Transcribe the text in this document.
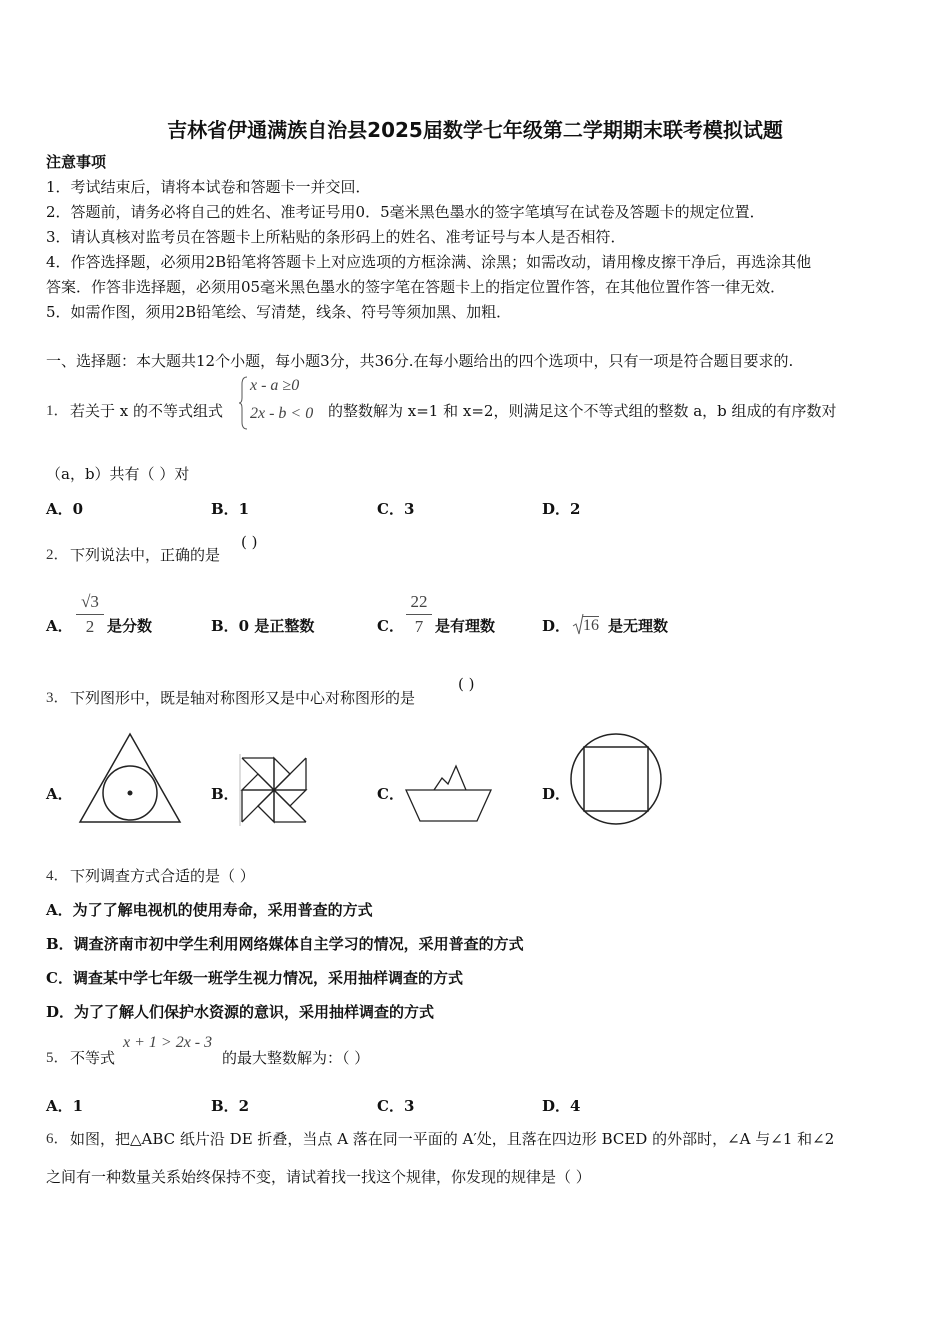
吉林省伊通满族自治县2025届数学七年级第二学期期末联考模拟试题
注意事项
1．考试结束后，请将本试卷和答题卡一并交回．
2．答题前，请务必将自己的姓名、准考证号用0．5毫米黑色墨水的签字笔填写在试卷及答题卡的规定位置．
3．请认真核对监考员在答题卡上所粘贴的条形码上的姓名、准考证号与本人是否相符．
4．作答选择题，必须用2B铅笔将答题卡上对应选项的方框涂满、涂黑；如需改动，请用橡皮擦干净后，再选涂其他
答案．作答非选择题，必须用05毫米黑色墨水的签字笔在答题卡上的指定位置作答，在其他位置作答一律无效．
5．如需作图，须用2B铅笔绘、写清楚，线条、符号等须加黑、加粗．
一、选择题：本大题共12个小题，每小题3分，共36分.在每小题给出的四个选项中，只有一项是符合题目要求的.
1． 若关于 x 的不等式组式
x - a ≥0
2x - b < 0 的整数解为 x=1 和 x=2，则满足这个不等式组的整数 a，b 组成的有序数对
（a，b）共有（ ）对
A．0	B．1	C．3	D．2
2． 下列说法中，正确的是
( )
A．
√3
2 是分数	B．0 是正整数	C．
22
7 是有理数	D． 16 是无理数
3． 下列图形中，既是轴对称图形又是中心对称图形的是
( )
A．	B．	C．	D．
4． 下列调查方式合适的是（ ）
A．为了了解电视机的使用寿命，采用普查的方式
B．调查济南市初中学生利用网络媒体自主学习的情况，采用普查的方式
C．调查某中学七年级一班学生视力情况，采用抽样调查的方式
D．为了了解人们保护水资源的意识，采用抽样调查的方式
5． 不等式
x + 1 > 2x - 3
的最大整数解为：（ ）
A．1	B．2	C．3	D．4
6． 如图，把△ABC 纸片沿 DE 折叠，当点 A 落在同一平面的 A′处，且落在四边形 BCED 的外部时，∠A 与∠1 和∠2
之间有一种数量关系始终保持不变，请试着找一找这个规律，你发现的规律是（ ）
